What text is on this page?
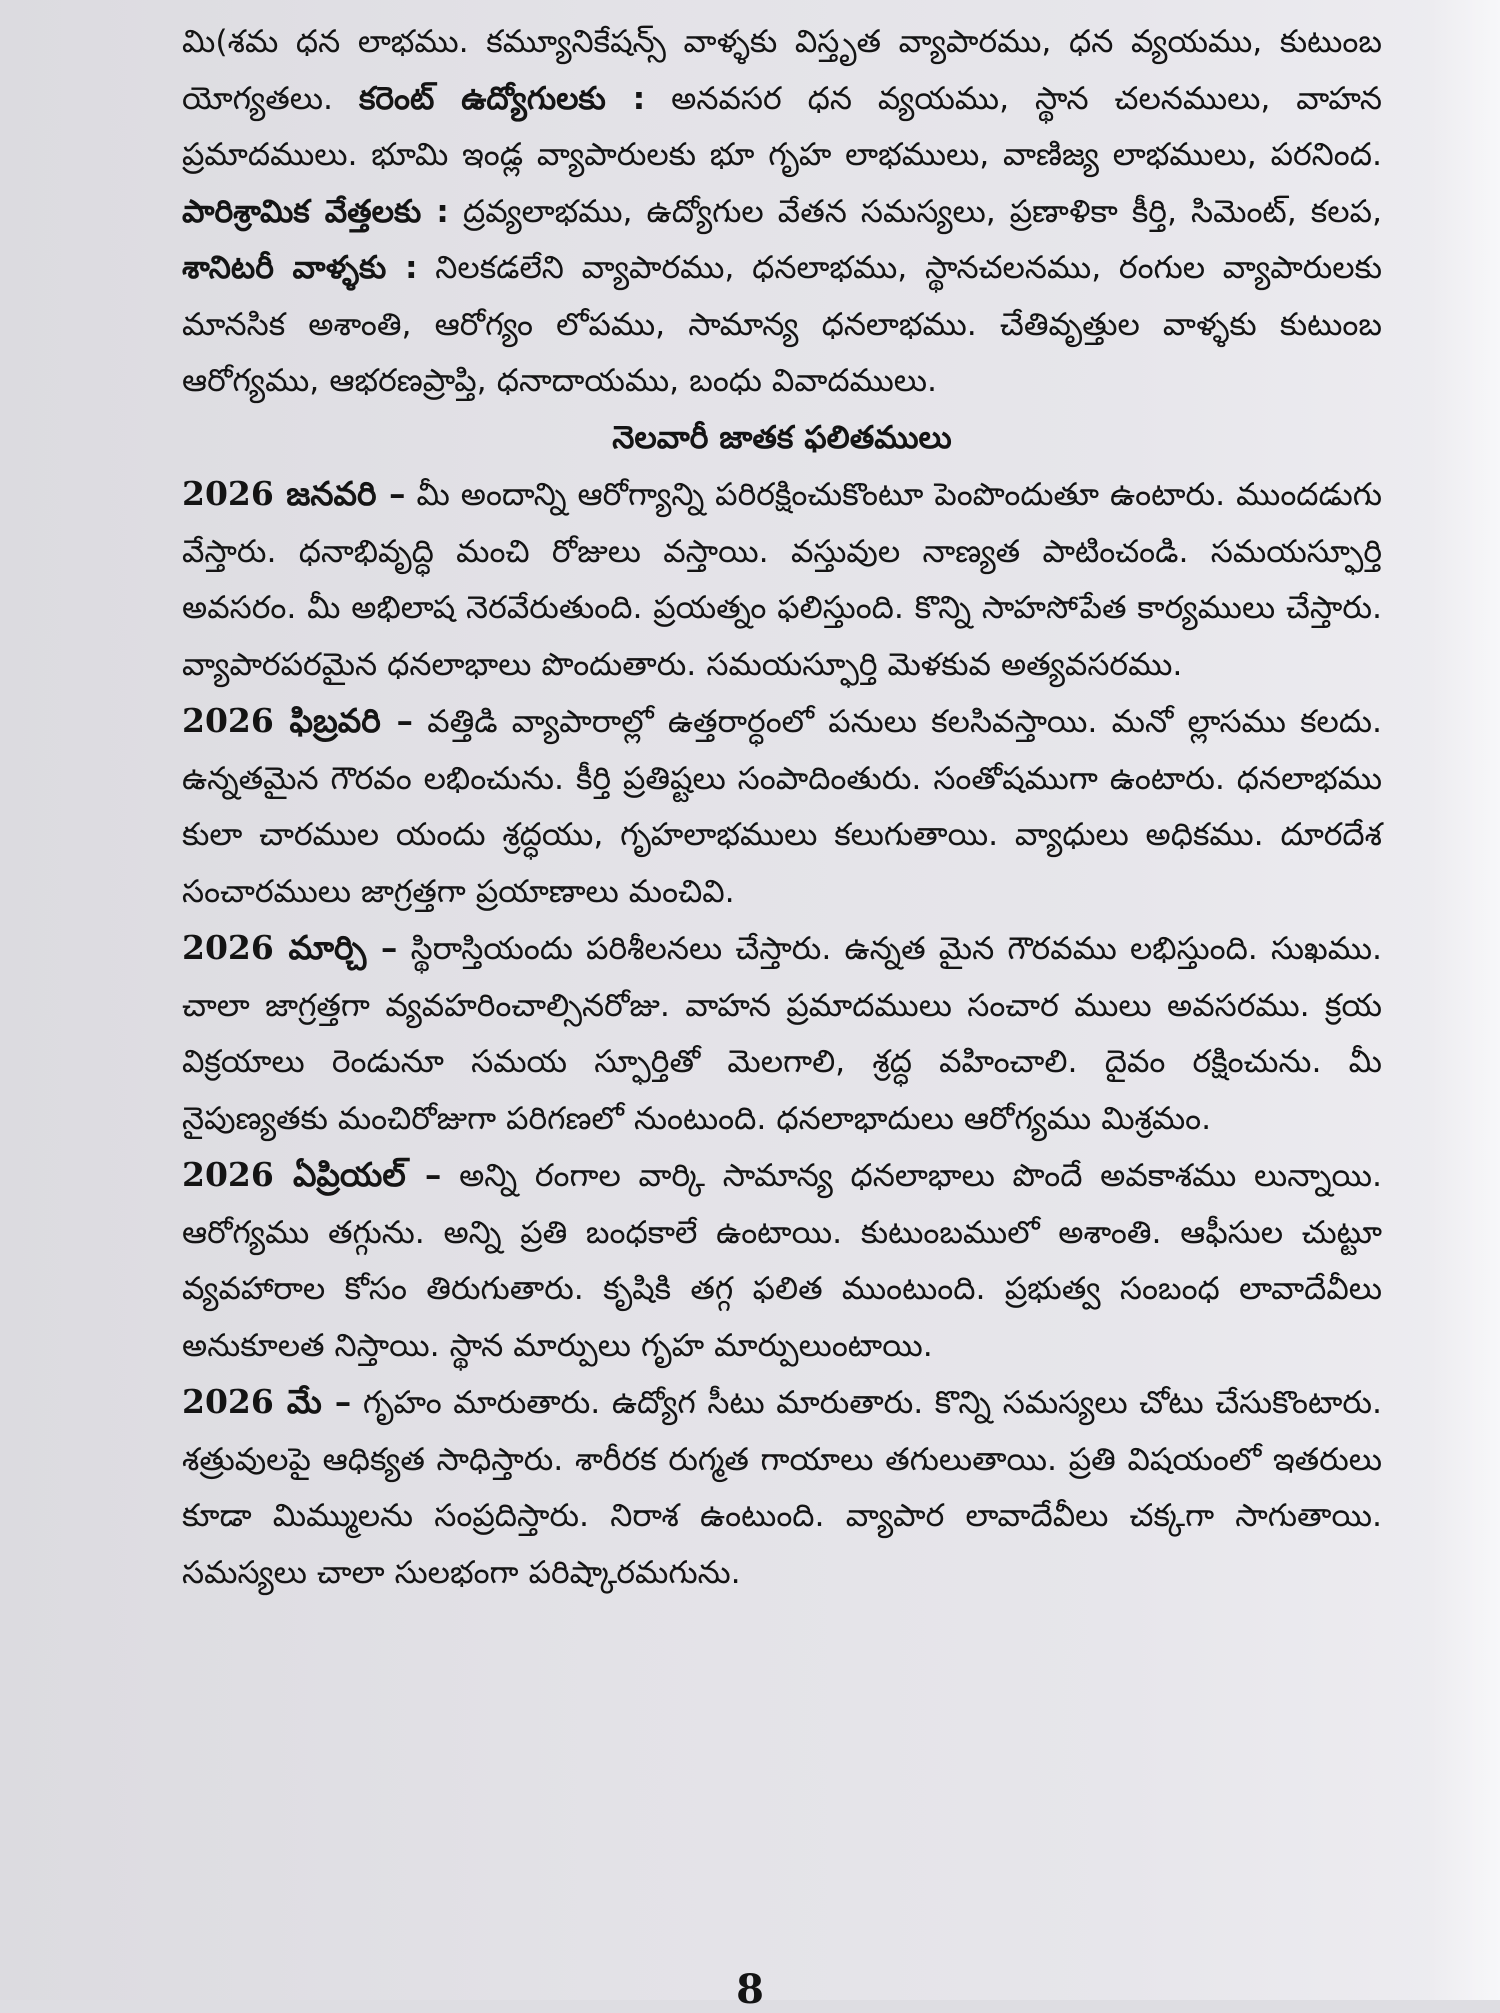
మి(శమ ధన లాభము. కమ్యూనికేషన్స్ వాళ్ళకు విస్తృత వ్యాపారము, ధన వ్యయము, కుటుంబ యోగ్యతలు. కరెంట్ ఉద్యోగులకు : అనవసర ధన వ్యయము, స్థాన చలనములు, వాహన ప్రమాదములు. భూమి ఇండ్ల వ్యాపారులకు భూ గృహ లాభములు, వాణిజ్య లాభములు, పరనింద. పారిశ్రామిక వేత్తలకు : ద్రవ్యలాభము, ఉద్యోగుల వేతన సమస్యలు, ప్రణాళికా కీర్తి, సిమెంట్, కలప, శానిటరీ వాళ్ళకు : నిలకడలేని వ్యాపారము, ధనలాభము, స్థానచలనము, రంగుల వ్యాపారులకు మానసిక అశాంతి, ఆరోగ్యం లోపము, సామాన్య ధనలాభము. చేతివృత్తుల వాళ్ళకు కుటుంబ ఆరోగ్యము, ఆభరణప్రాప్తి, ధనాదాయము, బంధు వివాదములు.

నెలవారీ జాతక ఫలితములు

2026 జనవరి – మీ అందాన్ని ఆరోగ్యాన్ని పరిరక్షించుకొంటూ పెంపొందుతూ ఉంటారు. ముందడుగు వేస్తారు. ధనాభివృద్ధి మంచి రోజులు వస్తాయి. వస్తువుల నాణ్యత పాటించండి. సమయస్ఫూర్తి అవసరం. మీ అభిలాష నెరవేరుతుంది. ప్రయత్నం ఫలిస్తుంది. కొన్ని సాహసోపేత కార్యములు చేస్తారు. వ్యాపారపరమైన ధనలాభాలు పొందుతారు. సమయస్ఫూర్తి మెళకువ అత్యవసరము.

2026 ఫిబ్రవరి – వత్తిడి వ్యాపారాల్లో ఉత్తరార్ధంలో పనులు కలసివస్తాయి. మనో ల్లాసము కలదు. ఉన్నతమైన గౌరవం లభించును. కీర్తి ప్రతిష్టలు సంపాదింతురు. సంతోషముగా ఉంటారు. ధనలాభము కులా చారముల యందు శ్రద్ధయు, గృహలాభములు కలుగుతాయి. వ్యాధులు అధికము. దూరదేశ సంచారములు జాగ్రత్తగా ప్రయాణాలు మంచివి.

2026 మార్చి – స్థిరాస్తియందు పరిశీలనలు చేస్తారు. ఉన్నత మైన గౌరవము లభిస్తుంది. సుఖము. చాలా జాగ్రత్తగా వ్యవహరించాల్సినరోజు. వాహన ప్రమాదములు సంచార ములు అవసరము. క్రయ విక్రయాలు రెండునూ సమయ స్ఫూర్తితో మెలగాలి, శ్రద్ధ వహించాలి. దైవం రక్షించును. మీ నైపుణ్యతకు మంచిరోజుగా పరిగణలో నుంటుంది. ధనలాభాదులు ఆరోగ్యము మిశ్రమం.

2026 ఏప్రియల్ – అన్ని రంగాల వార్కి సామాన్య ధనలాభాలు పొందే అవకాశము లున్నాయి. ఆరోగ్యము తగ్గును. అన్ని ప్రతి బంధకాలే ఉంటాయి. కుటుంబములో అశాంతి. ఆఫీసుల చుట్టూ వ్యవహారాల కోసం తిరుగుతారు. కృషికి తగ్గ ఫలిత ముంటుంది. ప్రభుత్వ సంబంధ లావాదేవీలు అనుకూలత నిస్తాయి. స్థాన మార్పులు గృహ మార్పులుంటాయి.

2026 మే – గృహం మారుతారు. ఉద్యోగ సీటు మారుతారు. కొన్ని సమస్యలు చోటు చేసుకొంటారు. శత్రువులపై ఆధిక్యత సాధిస్తారు. శారీరక రుగ్మత గాయాలు తగులుతాయి. ప్రతి విషయంలో ఇతరులు కూడా మిమ్ములను సంప్రదిస్తారు. నిరాశ ఉంటుంది. వ్యాపార లావాదేవీలు చక్కగా సాగుతాయి. సమస్యలు చాలా సులభంగా పరిష్కారమగును.

8
